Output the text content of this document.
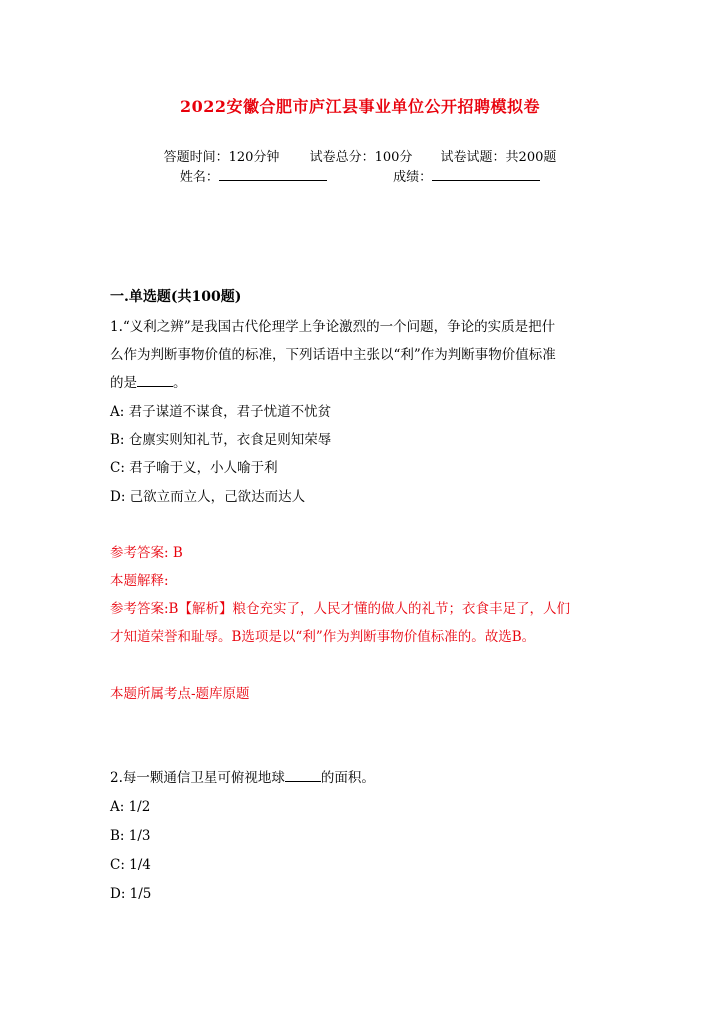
2022安徽合肥市庐江县事业单位公开招聘模拟卷
答题时间：120分钟 试卷总分：100分 试卷试题：共200题
姓名：	成绩：
一.单选题(共100题)
1.“义利之辨”是我国古代伦理学上争论激烈的一个问题，争论的实质是把什
么作为判断事物价值的标准，下列话语中主张以“利”作为判断事物价值标准
的是	。
A: 君子谋道不谋食，君子忧道不忧贫
B: 仓廪实则知礼节，衣食足则知荣辱
C: 君子喻于义，小人喻于利
D: 己欲立而立人，己欲达而达人
参考答案: B
本题解释:
参考答案:B【解析】粮仓充实了，人民才懂的做人的礼节；衣食丰足了，人们
才知道荣誉和耻辱。B选项是以“利”作为判断事物价值标准的。故选B。
本题所属考点-题库原题
2.每一颗通信卫星可俯视地球	的面积。
A: 1/2
B: 1/3
C: 1/4
D: 1/5
